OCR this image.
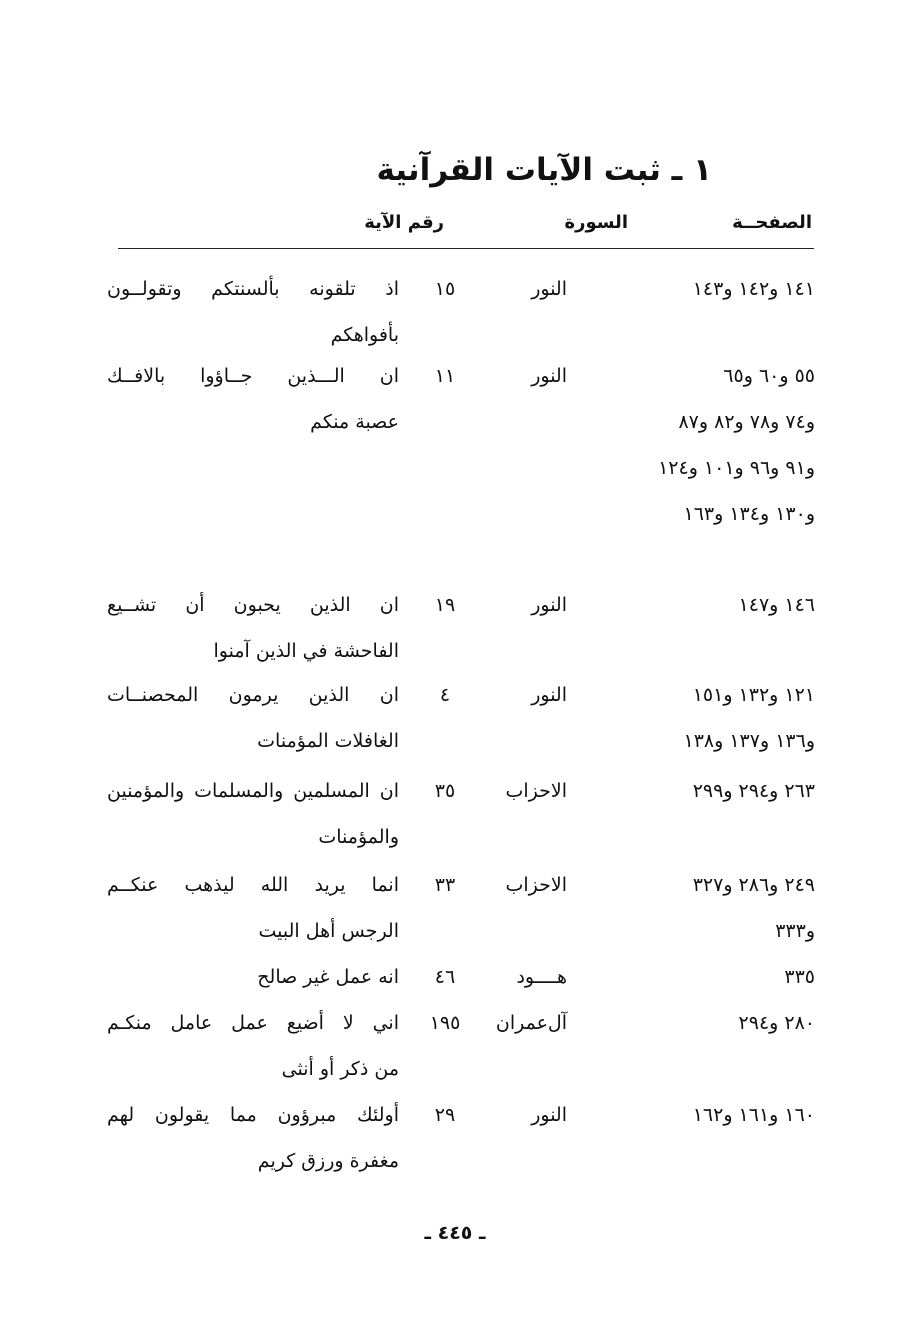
١ ـ ثبت الآيات القرآنية
الصفحــة
السورة
رقم الآية
١٤١ و١٤٢ و١٤٣
النور
١٥
اذ تلقونه بألسنتكم وتقولــون
بأفواهكم
٥٥ و٦٠ و٦٥
و٧٤ و٧٨ و٨٢ و٨٧
و٩١ و٩٦ و١٠١ و١٢٤
و١٣٠ و١٣٤ و١٦٣
النور
١١
ان الـــذين جــاؤوا بالافــك
عصبة منكم
١٤٦ و١٤٧
النور
١٩
ان الذين يحبون أن تشــيع
الفاحشة في الذين آمنوا
١٢١ و١٣٢ و١٥١
و١٣٦ و١٣٧ و١٣٨
النور
٤
ان الذين يرمون المحصنــات
الغافلات المؤمنات
٢٦٣ و٢٩٤ و٢٩٩
الاحزاب
٣٥
ان المسلمين والمسلمات والمؤمنين
والمؤمنات
٢٤٩ و٢٨٦ و٣٢٧
و٣٣٣
الاحزاب
٣٣
انما يريد الله ليذهب عنكــم
الرجس أهل البيت
٣٣٥
هــــود
٤٦
انه عمل غير صالح
٢٨٠ و٢٩٤
آل‌عمران
١٩٥
اني لا أضيع عمل عامل منكـم
من ذكر أو أنثى
١٦٠ و١٦١ و١٦٢
النور
٢٩
أولئك مبرؤون مما يقولون لهم
مغفرة ورزق كريم
ـ ٤٤٥ ـ
